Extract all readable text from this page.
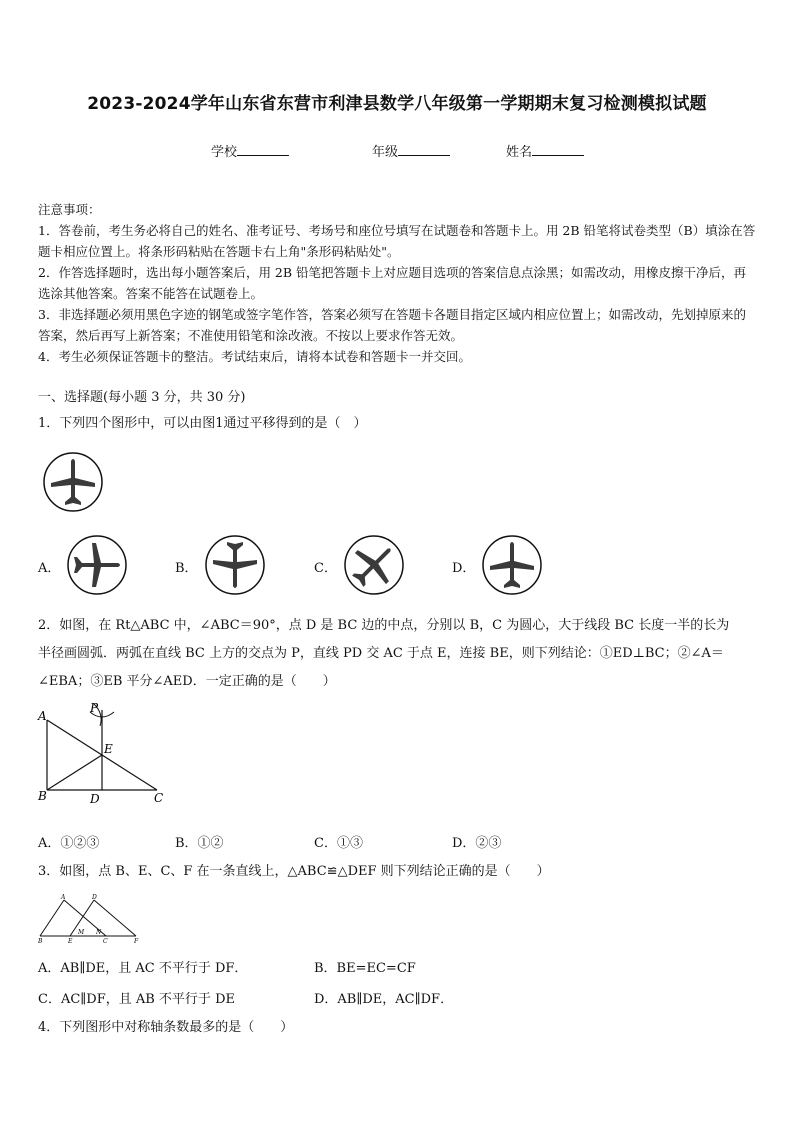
2023-2024学年山东省东营市利津县数学八年级第一学期期末复习检测模拟试题
学校	年级	姓名

注意事项：

1．答卷前，考生务必将自己的姓名、准考证号、考场号和座位号填写在试题卷和答题卡上。用 2B 铅笔将试卷类型（B）填涂在答题卡相应位置上。将条形码粘贴在答题卡右上角"条形码粘贴处"。

2．作答选择题时，选出每小题答案后，用 2B 铅笔把答题卡上对应题目选项的答案信息点涂黑；如需改动，用橡皮擦干净后，再选涂其他答案。答案不能答在试题卷上。

3．非选择题必须用黑色字迹的钢笔或签字笔作答，答案必须写在答题卡各题目指定区域内相应位置上；如需改动，先划掉原来的答案，然后再写上新答案；不准使用铅笔和涂改液。不按以上要求作答无效。

4．考生必须保证答题卡的整洁。考试结束后，请将本试卷和答题卡一并交回。

一、选择题(每小题 3 分，共 30 分)
1．下列四个图形中，可以由图1通过平移得到的是（　）
A．	B．	C．	D．
2．如图，在 Rt△ABC 中，∠ABC＝90°，点 D 是 BC 边的中点，分别以 B，C 为圆心，大于线段 BC 长度一半的长为
半径画圆弧．两弧在直线 BC 上方的交点为 P，直线 PD 交 AC 于点 E，连接 BE，则下列结论：①ED⊥BC；②∠A＝
∠EBA；③EB 平分∠AED．一定正确的是（　　）
A
P
E
B	D	C
A．①②③	B．①②	C．①③	D．②③
3．如图，点 B、E、C、F 在一条直线上，△ABC≌△DEF 则下列结论正确的是（　　）
A	D
B	E
M N
C	F
A．AB∥DE，且 AC 不平行于 DF．	B．BE=EC=CF
C．AC∥DF，且 AB 不平行于 DE	D．AB∥DE，AC∥DF．
4．下列图形中对称轴条数最多的是（　　）
